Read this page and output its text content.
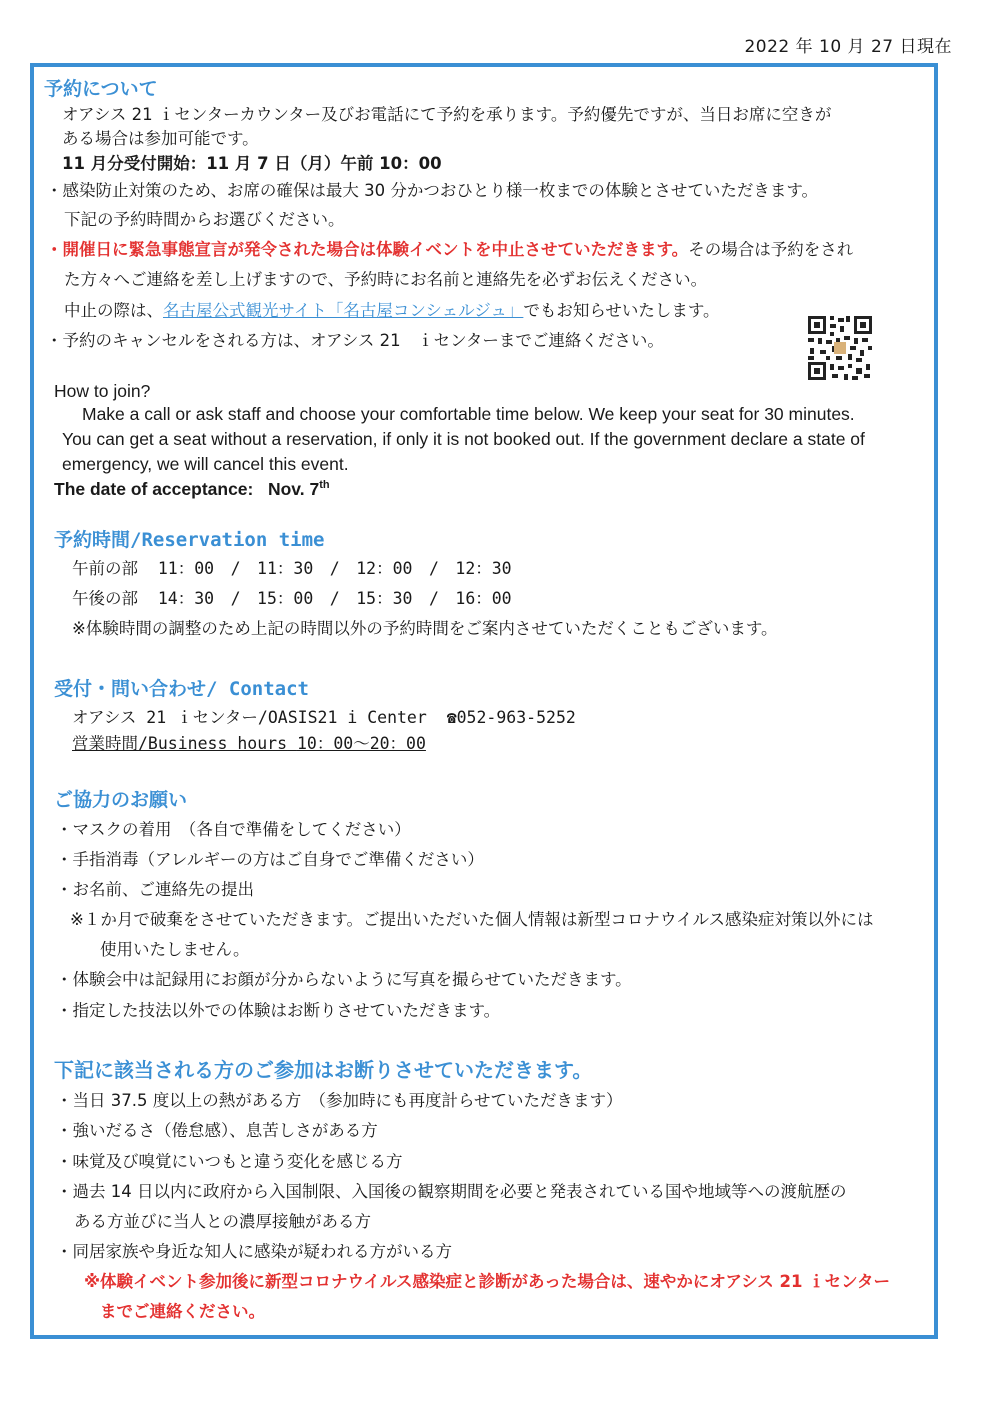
2022 年 10 月 27 日現在
予約について
オアシス 21 ｉセンターカウンター及びお電話にて予約を承ります。予約優先ですが、当日お席に空きが
ある場合は参加可能です。
11 月分受付開始：11 月 7 日（月）午前 10：00
・感染防止対策のため、お席の確保は最大 30 分かつおひとり様一枚までの体験とさせていただきます。
下記の予約時間からお選びください。
・開催日に緊急事態宣言が発令された場合は体験イベントを中止させていただきます。その場合は予約をされ
た方々へご連絡を差し上げますので、予約時にお名前と連絡先を必ずお伝えください。
中止の際は、名古屋公式観光サイト「名古屋コンシェルジュ」でもお知らせいたします。
・予約のキャンセルをされる方は、オアシス 21　ｉセンターまでご連絡ください。
How to join?
Make a call or ask staff and choose your comfortable time below. We keep your seat for 30 minutes.
You can get a seat without a reservation, if only it is not booked out. If the government declare a state of
emergency, we will cancel this event.
The date of acceptance: Nov. 7th
予約時間/Reservation time
午前の部 11：00　/　11：30　/　12：00　/　12：30
午後の部 14：30　/　15：00　/　15：30　/　16：00
※体験時間の調整のため上記の時間以外の予約時間をご案内させていただくこともございます。
受付・問い合わせ/ Contact
オアシス 21 ｉセンター/OASIS21 i Center ☎052-963-5252
営業時間/Business hours 10：00～20：00
ご協力のお願い
・マスクの着用　（各自で準備をしてください）
・手指消毒（アレルギーの方はご自身でご準備ください）
・お名前、ご連絡先の提出
※１か月で破棄をさせていただきます。ご提出いただいた個人情報は新型コロナウイルス感染症対策以外には
使用いたしません。
・体験会中は記録用にお顔が分からないように写真を撮らせていただきます。
・指定した技法以外での体験はお断りさせていただきます。
下記に該当される方のご参加はお断りさせていただきます。
・当日 37.5 度以上の熱がある方　（参加時にも再度計らせていただきます）
・強いだるさ（倦怠感）、息苦しさがある方
・味覚及び嗅覚にいつもと違う変化を感じる方
・過去 14 日以内に政府から入国制限、入国後の観察期間を必要と発表されている国や地域等への渡航歴の
ある方並びに当人との濃厚接触がある方
・同居家族や身近な知人に感染が疑われる方がいる方
※体験イベント参加後に新型コロナウイルス感染症と診断があった場合は、速やかにオアシス 21 ｉセンター
までご連絡ください。
